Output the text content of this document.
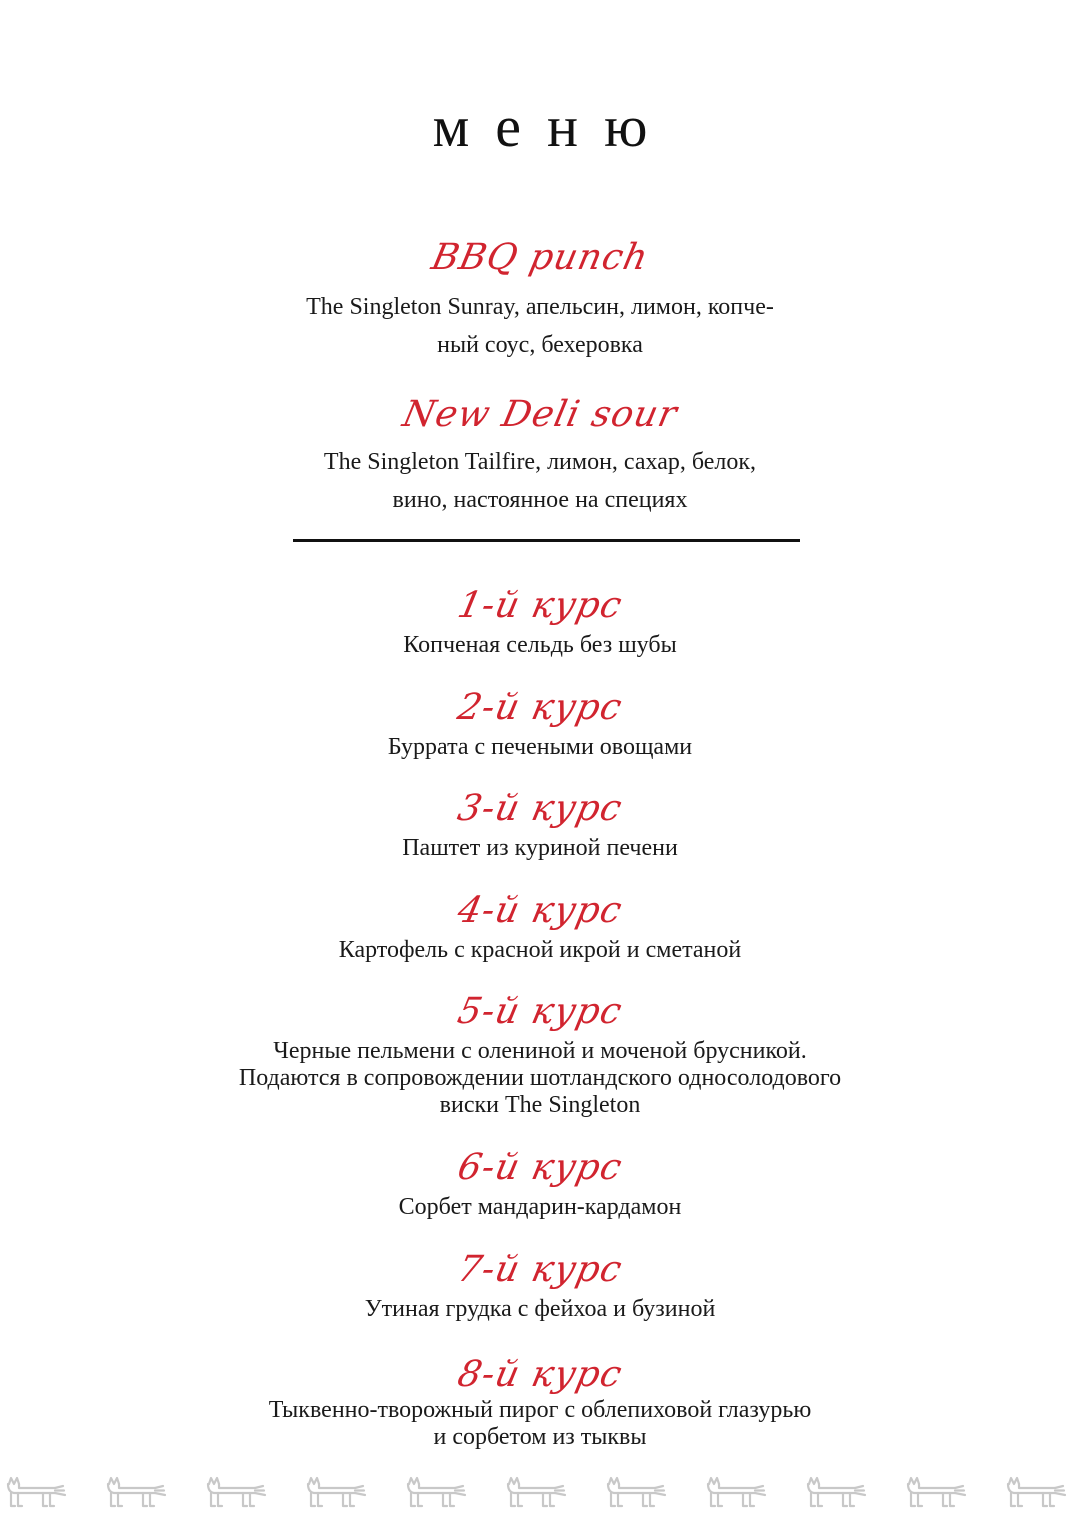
меню
BBQ punch
The Singleton Sunray, апельсин, лимон, копче-
ный соус, бехеровка
New Deli sour
The Singleton Tailfire, лимон, сахар, белок,
вино, настоянное на специях
1-й курс
Копченая сельдь без шубы
2-й курс
Буррата с печеными овощами
3-й курс
Паштет из куриной печени
4-й курс
Картофель с красной икрой и сметаной
5-й курс
Черные пельмени с олениной и моченой брусникой.
Подаются в сопровождении шотландского односолодового
виски The Singleton
6-й курс
Сорбет мандарин-кардамон
7-й курс
Утиная грудка с фейхоа и бузиной
8-й курс
Тыквенно-творожный пирог с облепиховой глазурью
и сорбетом из тыквы
